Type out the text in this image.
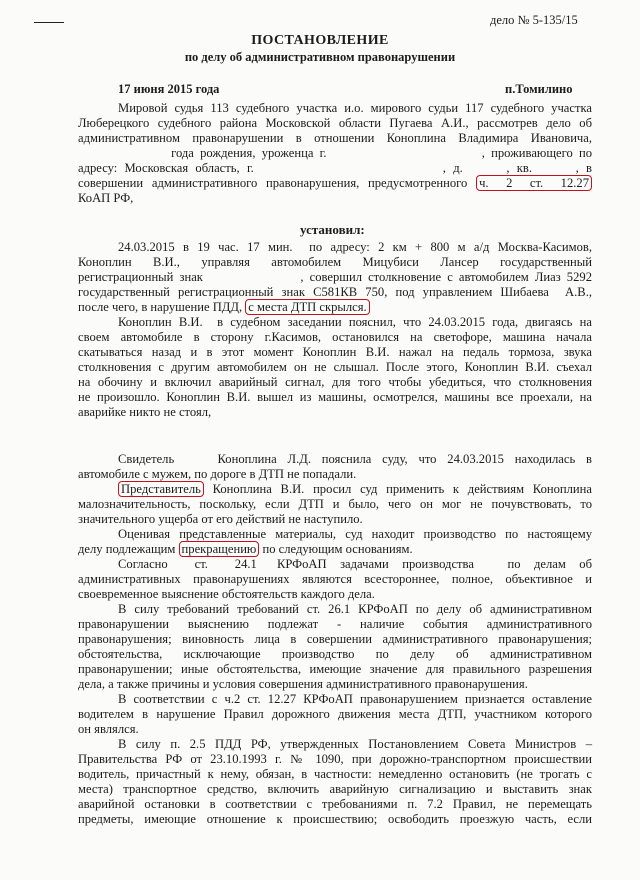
дело № 5-135/15
ПОСТАНОВЛЕНИЕ
по делу об административном правонарушении
17 июня 2015 года	п.Томилино
установил:
Мировой судья 113 судебного участка и.о. мирового судьи 117 судебного участка
Люберецкого судебного района Московской области Пугаева А.И., рассмотрев дело об
административном правонарушении в отношении Коноплина Владимира Ивановича,
года рождения, уроженца г.                         , проживающего по
адресу: Московская область, г.                          , д.      , кв.      , в
совершении административного правонарушения, предусмотренного ч.  2  ст.  12.27
КоАП РФ,
24.03.2015 в 19 час. 17 мин.  по адресу: 2 км + 800 м а/д Москва-Касимов,
Коноплин  В.И.,  управляя  автомобилем  Мицубиси  Лансер  государственный
регистрационный знак                , совершил столкновение с автомобилем Лиаз 5292
государственный регистрационный знак С581КВ 750, под управлением Шибаева  А.В.,
после чего, в нарушение ПДД, с места ДТП скрылся.
Коноплин В.И.  в судебном заседании пояснил, что 24.03.2015 года, двигаясь на
своем автомобиле в сторону г.Касимов, остановился на светофоре, машина начала
скатываться назад и в этот момент Коноплин В.И. нажал на педаль тормоза, звука
столкновения с другим автомобилем он не слышал. После этого, Коноплин В.И. съехал
на обочину и включил аварийный сигнал, для того чтобы убедиться, что столкновения
не произошло. Коноплин В.И. вышел из машины, осмотрелся, машины все проехали, на
аварийке никто не стоял,
Свидетель    Коноплина Л.Д. пояснила суду, что 24.03.2015 находилась в
автомобиле с мужем, по дороге в ДТП не попадали.
Представитель Коноплина В.И. просил суд применить к действиям Коноплина
малозначительность, поскольку, если ДТП и было, чего он мог не почувствовать, то
значительного ущерба от его действий не наступило.
Оценивая представленные материалы, суд находит производство по настоящему
делу подлежащим прекращению по следующим основаниям.
Согласно    ст.    24.1   КРФоАП  задачами  производства     по  делам  об
административных правонарушениях являются всестороннее, полное, объективное и
своевременное выяснение обстоятельств каждого дела.
В силу требований требований ст. 26.1 КРФоАП по делу об административном
правонарушении  выяснению  подлежат  -  наличие  события  административного
правонарушения; виновность лица в совершении административного правонарушения;
обстоятельства,   исключающие   производство   по   делу   об   административном
правонарушении; иные обстоятельства, имеющие значение для правильного разрешения
дела, а также причины и условия совершения административного правонарушения.
В соответствии с ч.2 ст. 12.27 КРФоАП правонарушением признается оставление
водителем в нарушение Правил дорожного движения места ДТП, участником которого
он являлся.
В силу п. 2.5 ПДД РФ, утвержденных Постановлением Совета Министров –
Правительства РФ от 23.10.1993 г. № 1090, при дорожно-транспортном происшествии
водитель, причастный к нему, обязан, в частности: немедленно остановить (не трогать с
места) транспортное средство, включить аварийную сигнализацию и выставить знак
аварийной остановки в соответствии с требованиями п. 7.2 Правил, не перемещать
предметы, имеющие отношение к происшествию; освободить проезжую часть, если
